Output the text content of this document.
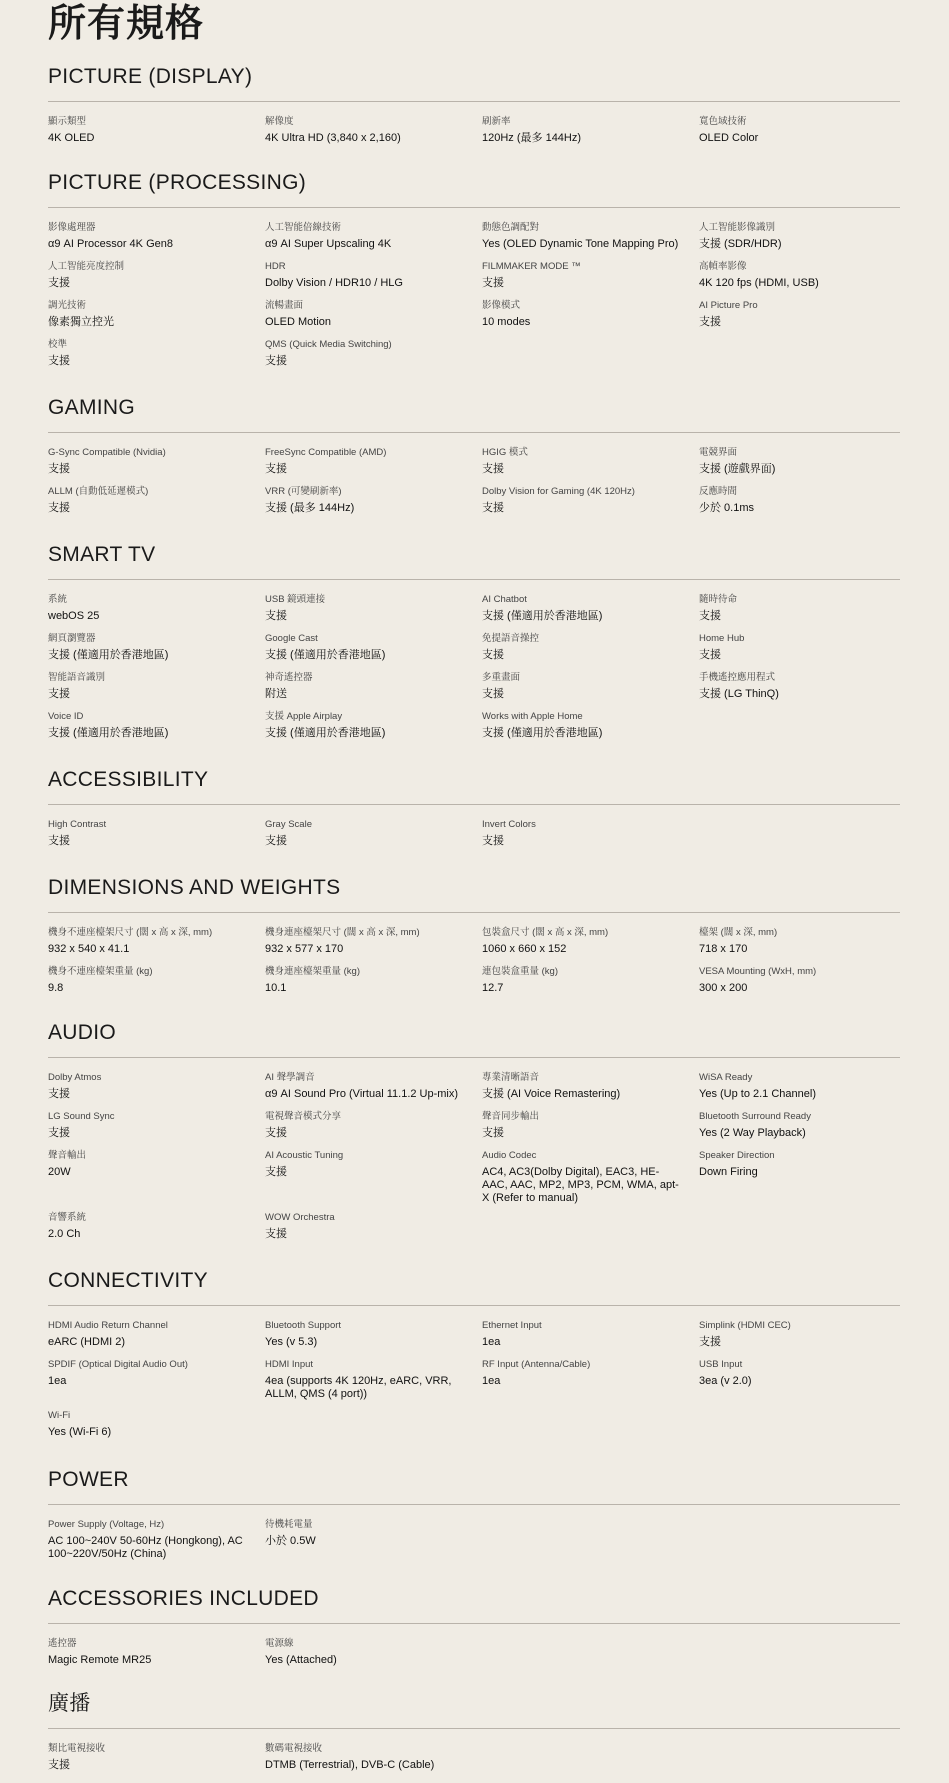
所有規格
PICTURE (DISPLAY)
顯示類型
4K OLED
解像度
4K Ultra HD (3,840 x 2,160)
刷新率
120Hz (最多 144Hz)
寬色域技術
OLED Color
PICTURE (PROCESSING)
影像處理器
α9 AI Processor 4K Gen8
人工智能倍線技術
α9 AI Super Upscaling 4K
動態色調配對
Yes (OLED Dynamic Tone Mapping Pro)
人工智能影像識別
支援 (SDR/HDR)
人工智能亮度控制
支援
HDR
Dolby Vision / HDR10 / HLG
FILMMAKER MODE ™
支援
高幀率影像
4K 120 fps (HDMI, USB)
調光技術
像素獨立控光
流暢畫面
OLED Motion
影像模式
10 modes
AI Picture Pro
支援
校準
支援
QMS (Quick Media Switching)
支援
GAMING
G-Sync Compatible (Nvidia)
支援
FreeSync Compatible (AMD)
支援
HGIG 模式
支援
電競界面
支援 (遊戲界面)
ALLM (自動低延遲模式)
支援
VRR (可變刷新率)
支援 (最多 144Hz)
Dolby Vision for Gaming (4K 120Hz)
支援
反應時間
少於 0.1ms
SMART TV
系統
webOS 25
USB 鏡頭連接
支援
AI Chatbot
支援 (僅適用於香港地區)
隨時待命
支援
網頁瀏覽器
支援 (僅適用於香港地區)
Google Cast
支援 (僅適用於香港地區)
免提語音操控
支援
Home Hub
支援
智能語音識別
支援
神奇遙控器
附送
多重畫面
支援
手機遙控應用程式
支援 (LG ThinQ)
Voice ID
支援 (僅適用於香港地區)
支援 Apple Airplay
支援 (僅適用於香港地區)
Works with Apple Home
支援 (僅適用於香港地區)
ACCESSIBILITY
High Contrast
支援
Gray Scale
支援
Invert Colors
支援
DIMENSIONS AND WEIGHTS
機身不連座檯架尺寸 (闊 x 高 x 深, mm)
932 x 540 x 41.1
機身連座檯架尺寸 (闊 x 高 x 深, mm)
932 x 577 x 170
包裝盒尺寸 (闊 x 高 x 深, mm)
1060 x 660 x 152
檯架 (闊 x 深, mm)
718 x 170
機身不連座檯架重量 (kg)
9.8
機身連座檯架重量 (kg)
10.1
連包裝盒重量 (kg)
12.7
VESA Mounting (WxH, mm)
300 x 200
AUDIO
Dolby Atmos
支援
AI 聲學調音
α9 AI Sound Pro (Virtual 11.1.2 Up-mix)
專業清晰語音
支援 (AI Voice Remastering)
WiSA Ready
Yes (Up to 2.1 Channel)
LG Sound Sync
支援
電視聲音模式分享
支援
聲音同步輸出
支援
Bluetooth Surround Ready
Yes (2 Way Playback)
聲音輸出
20W
AI Acoustic Tuning
支援
Audio Codec
AC4, AC3(Dolby Digital), EAC3, HE-AAC, AAC, MP2, MP3, PCM, WMA, apt-X (Refer to manual)
Speaker Direction
Down Firing
音響系統
2.0 Ch
WOW Orchestra
支援
CONNECTIVITY
HDMI Audio Return Channel
eARC (HDMI 2)
Bluetooth Support
Yes (v 5.3)
Ethernet Input
1ea
Simplink (HDMI CEC)
支援
SPDIF (Optical Digital Audio Out)
1ea
HDMI Input
4ea (supports 4K 120Hz, eARC, VRR, ALLM, QMS (4 port))
RF Input (Antenna/Cable)
1ea
USB Input
3ea (v 2.0)
Wi-Fi
Yes (Wi-Fi 6)
POWER
Power Supply (Voltage, Hz)
AC 100~240V 50-60Hz (Hongkong), AC 100~220V/50Hz (China)
待機耗電量
小於 0.5W
ACCESSORIES INCLUDED
遙控器
Magic Remote MR25
電源線
Yes (Attached)
廣播
類比電視接收
支援
數碼電視接收
DTMB (Terrestrial), DVB-C (Cable)
